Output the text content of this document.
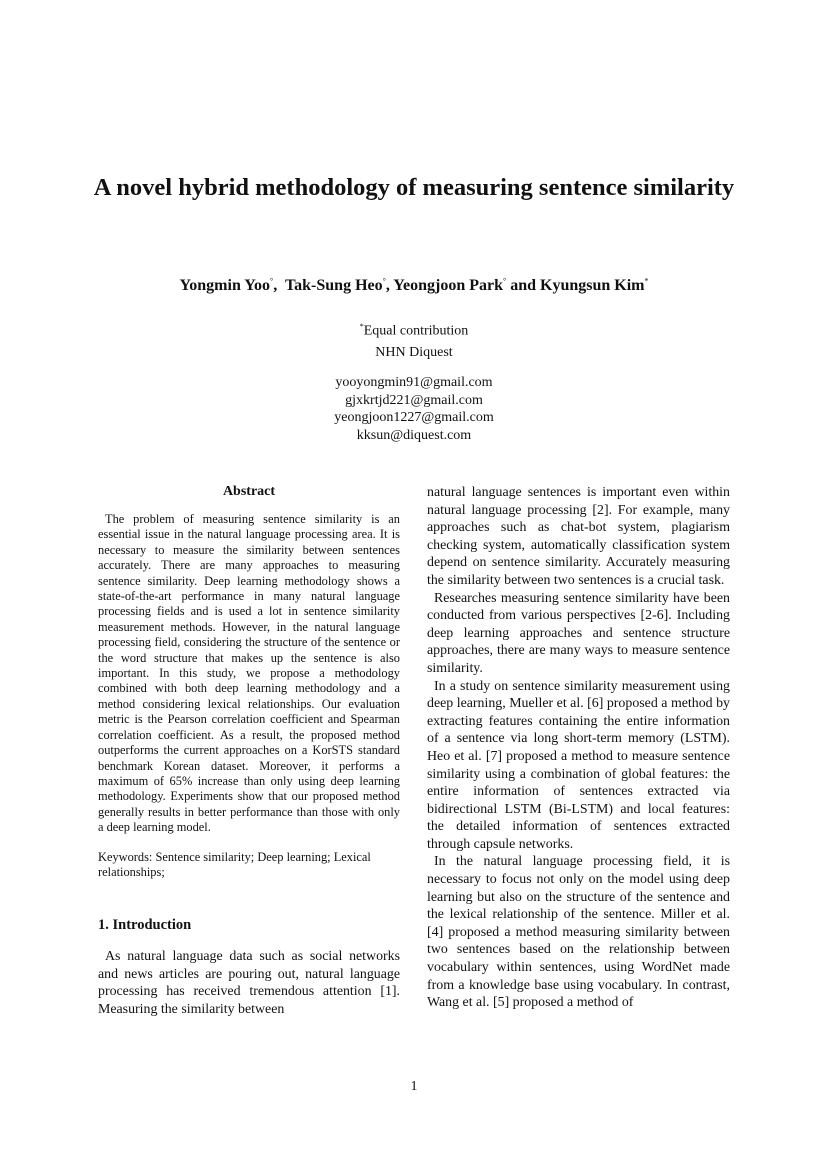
A novel hybrid methodology of measuring sentence similarity

Yongmin Yoo°,  Tak-Sung Heo°, Yeongjoon Park° and Kyungsun Kim*

*Equal contribution
NHN Diquest
yooyongmin91@gmail.com
gjxkrtjd221@gmail.com
yeongjoon1227@gmail.com
kksun@diquest.com
Abstract

The problem of measuring sentence similarity is an essential issue in the natural language processing area. It is necessary to measure the similarity between sentences accurately. There are many approaches to measuring sentence similarity. Deep learning methodology shows a state-of-the-art performance in many natural language processing fields and is used a lot in sentence similarity measurement methods. However, in the natural language processing field, considering the structure of the sentence or the word structure that makes up the sentence is also important. In this study, we propose a methodology combined with both deep learning methodology and a method considering lexical relationships. Our evaluation metric is the Pearson correlation coefficient and Spearman correlation coefficient. As a result, the proposed method outperforms the current approaches on a KorSTS standard benchmark Korean dataset. Moreover, it performs a maximum of 65% increase than only using deep learning methodology. Experiments show that our proposed method generally results in better performance than those with only a deep learning model.

Keywords: Sentence similarity; Deep learning; Lexical relationships;

1. Introduction

As natural language data such as social networks and news articles are pouring out, natural language processing has received tremendous attention [1]. Measuring the similarity between

natural language sentences is important even within natural language processing [2]. For example, many approaches such as chat-bot system, plagiarism checking system, automatically classification system depend on sentence similarity. Accurately measuring the similarity between two sentences is a crucial task.

Researches measuring sentence similarity have been conducted from various perspectives [2-6]. Including deep learning approaches and sentence structure approaches, there are many ways to measure sentence similarity.

In a study on sentence similarity measurement using deep learning, Mueller et al. [6] proposed a method by extracting features containing the entire information of a sentence via long short-term memory (LSTM). Heo et al. [7] proposed a method to measure sentence similarity using a combination of global features: the entire information of sentences extracted via bidirectional LSTM (Bi-LSTM) and local features: the detailed information of sentences extracted through capsule networks.

In the natural language processing field, it is necessary to focus not only on the model using deep learning but also on the structure of the sentence and the lexical relationship of the sentence. Miller et al. [4] proposed a method measuring similarity between two sentences based on the relationship between vocabulary within sentences, using WordNet made from a knowledge base using vocabulary. In contrast, Wang et al. [5] proposed a method of

1
